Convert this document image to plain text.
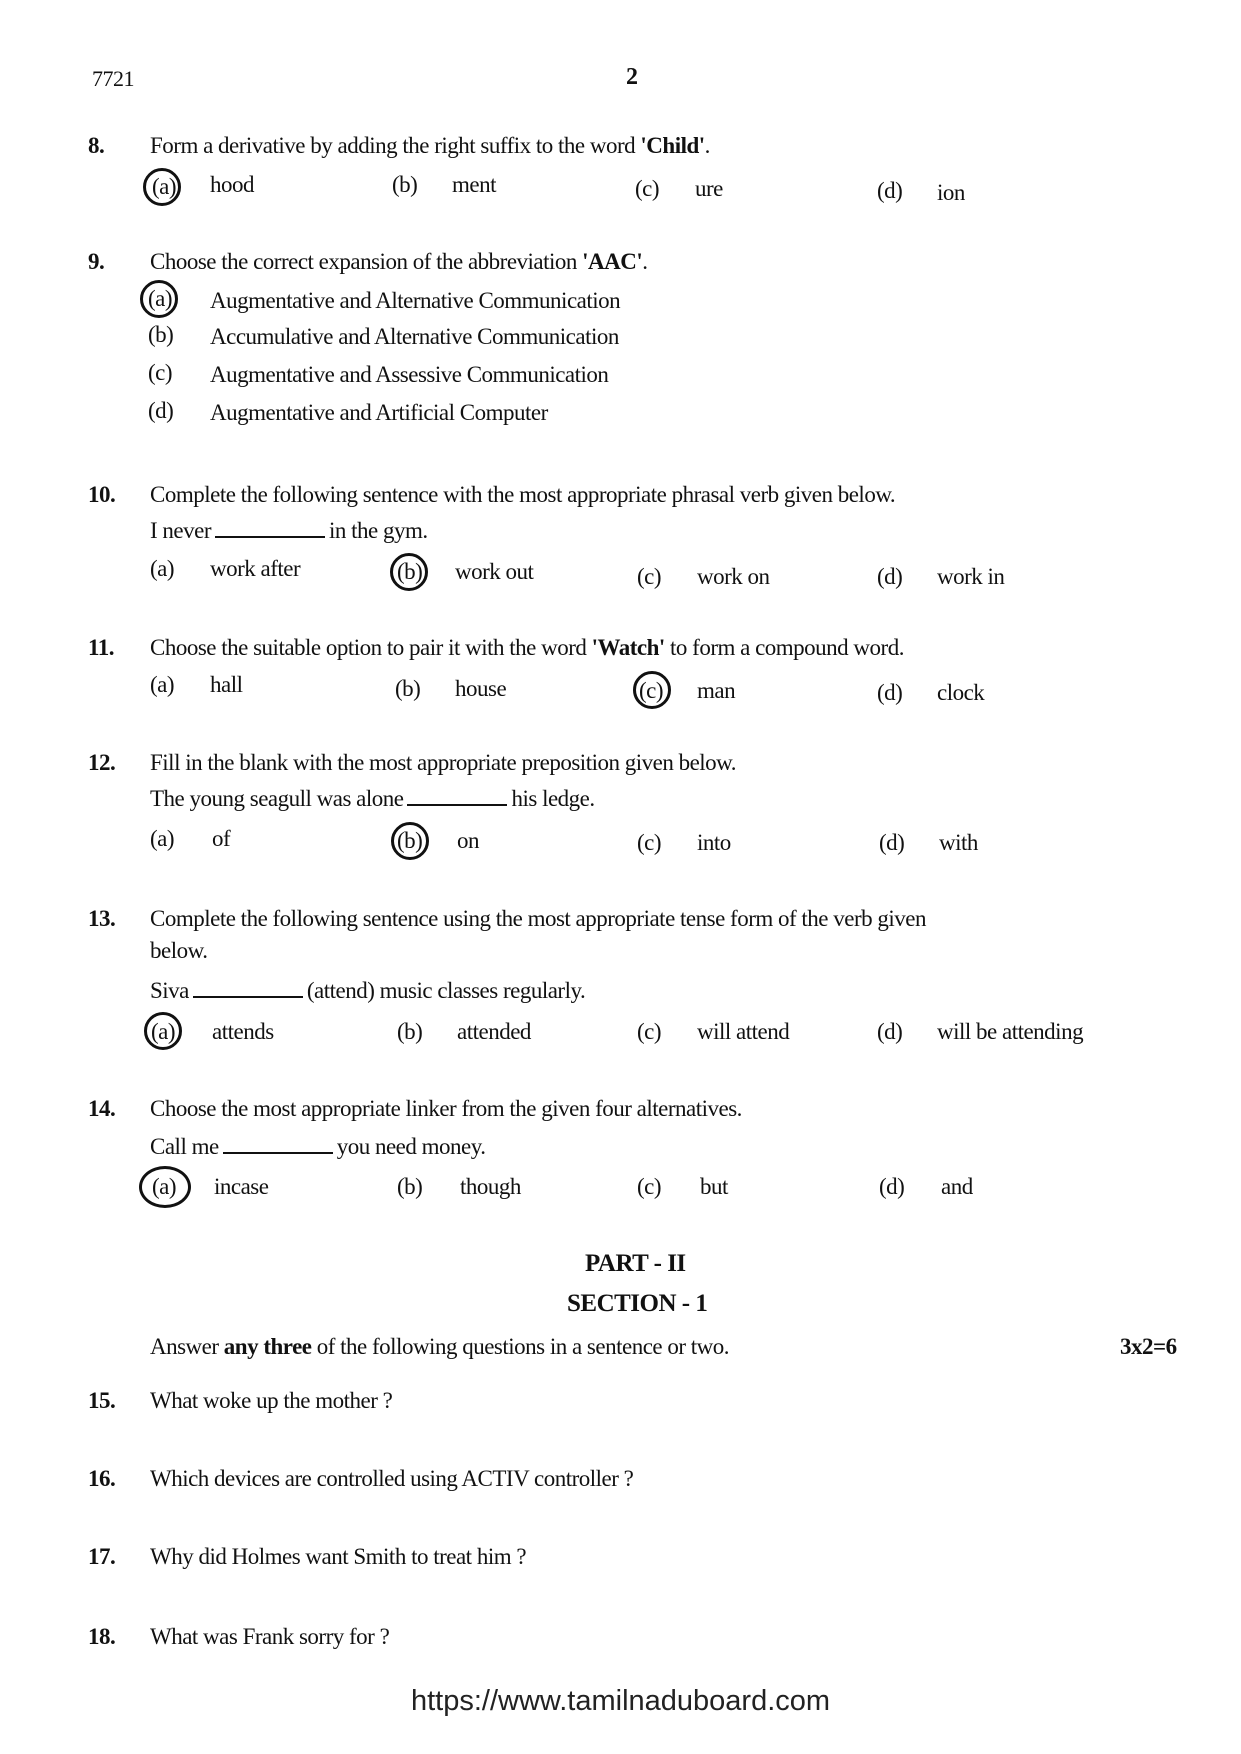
7721	2
8. Form a derivative by adding the right suffix to the word 'Child'.
(a) hood	(b) ment	(c) ure	(d) ion
9. Choose the correct expansion of the abbreviation 'AAC'.
(a) Augmentative and Alternative Communication
(b) Accumulative and Alternative Communication
(c) Augmentative and Assessive Communication
(d) Augmentative and Artificial Computer
10. Complete the following sentence with the most appropriate phrasal verb given below.
I never	in the gym.
(a) work after	(b) work out	(c) work on	(d) work in
11. Choose the suitable option to pair it with the word 'Watch' to form a compound word.
(a) hall	(b) house	(c) man	(d) clock
12. Fill in the blank with the most appropriate preposition given below.
The young seagull was alone	his ledge.
(a) of	(b) on	(c) into	(d) with
13. Complete the following sentence using the most appropriate tense form of the verb given
below.
Siva	(attend) music classes regularly.
(a) attends	(b) attended	(c) will attend	(d) will be attending
14. Choose the most appropriate linker from the given four alternatives.
Call me	you need money.
(a) incase	(b) though	(c) but	(d) and
PART - II
SECTION - 1
Answer any three of the following questions in a sentence or two.	3x2=6
15. What woke up the mother ?
16. Which devices are controlled using ACTIV controller ?
17. Why did Holmes want Smith to treat him ?
18. What was Frank sorry for ?
https://www.tamilnaduboard.com
